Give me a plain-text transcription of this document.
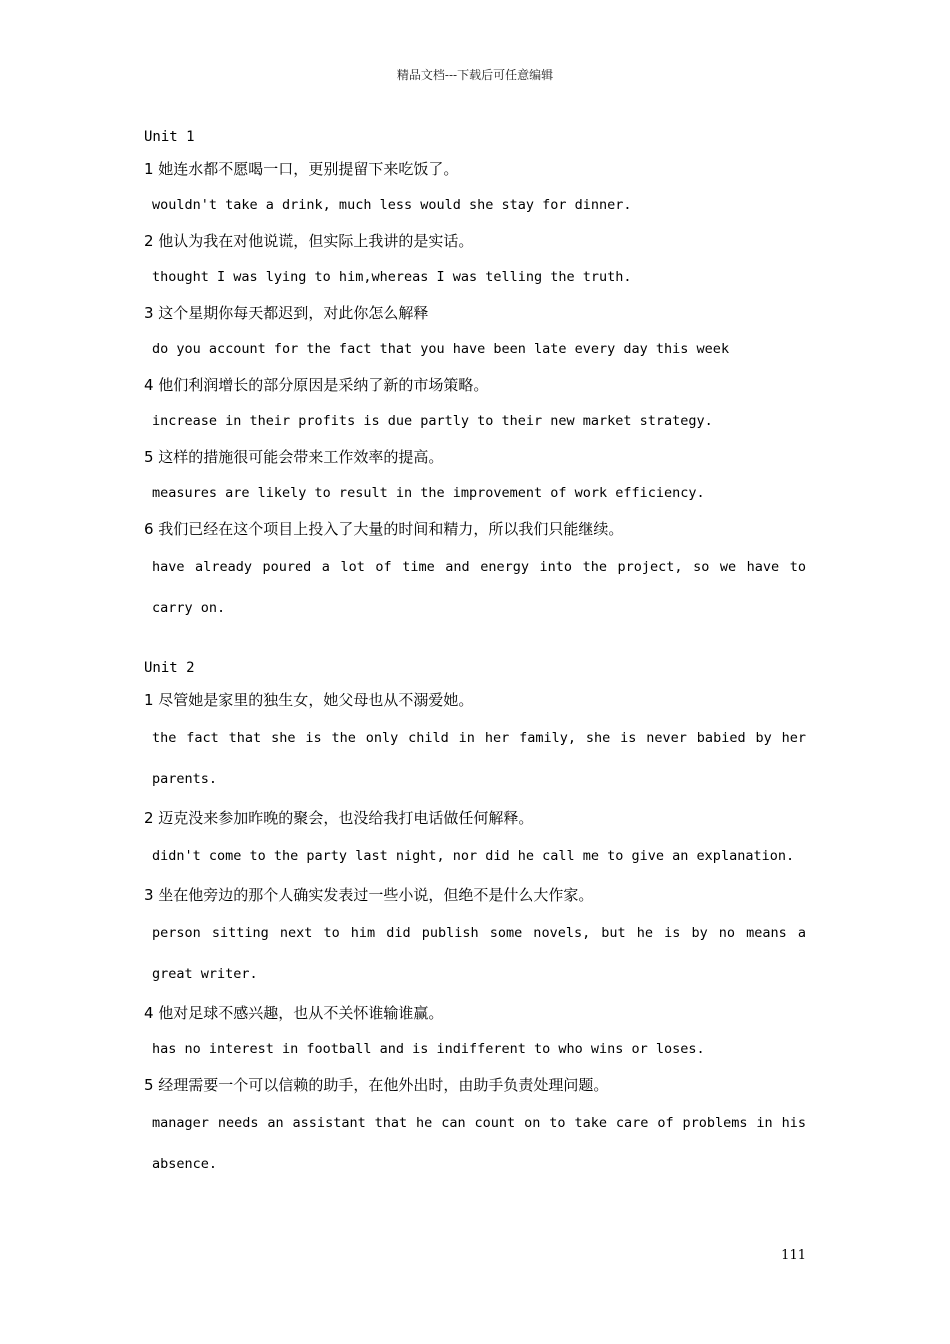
精品文档---下载后可任意编辑
Unit 1
1 她连水都不愿喝一口，更别提留下来吃饭了。
wouldn't take a drink, much less would she stay for dinner.
2 他认为我在对他说谎，但实际上我讲的是实话。
thought I was lying to him,whereas I was telling the truth.
3 这个星期你每天都迟到，对此你怎么解释
do you account for the fact that you have been late every day this week
4 他们利润增长的部分原因是采纳了新的市场策略。
increase in their profits is due partly to their new market strategy.
5 这样的措施很可能会带来工作效率的提高。
measures are likely to result in the improvement of work efficiency.
6 我们已经在这个项目上投入了大量的时间和精力，所以我们只能继续。
have already poured a lot of time and energy into the project, so we have to carry on.
Unit 2
1 尽管她是家里的独生女，她父母也从不溺爱她。
the fact that she is the only child in her family, she is never babied by her parents.
2 迈克没来参加昨晚的聚会，也没给我打电话做任何解释。
didn't come to the party last night, nor did he call me to give an explanation.
3 坐在他旁边的那个人确实发表过一些小说，但绝不是什么大作家。
person sitting next to him did publish some novels, but he is by no means a great writer.
4 他对足球不感兴趣，也从不关怀谁输谁赢。
has no interest in football and is indifferent to who wins or loses.
5 经理需要一个可以信赖的助手，在他外出时，由助手负责处理问题。
manager needs an assistant that he can count on to take care of problems in his absence.
111
